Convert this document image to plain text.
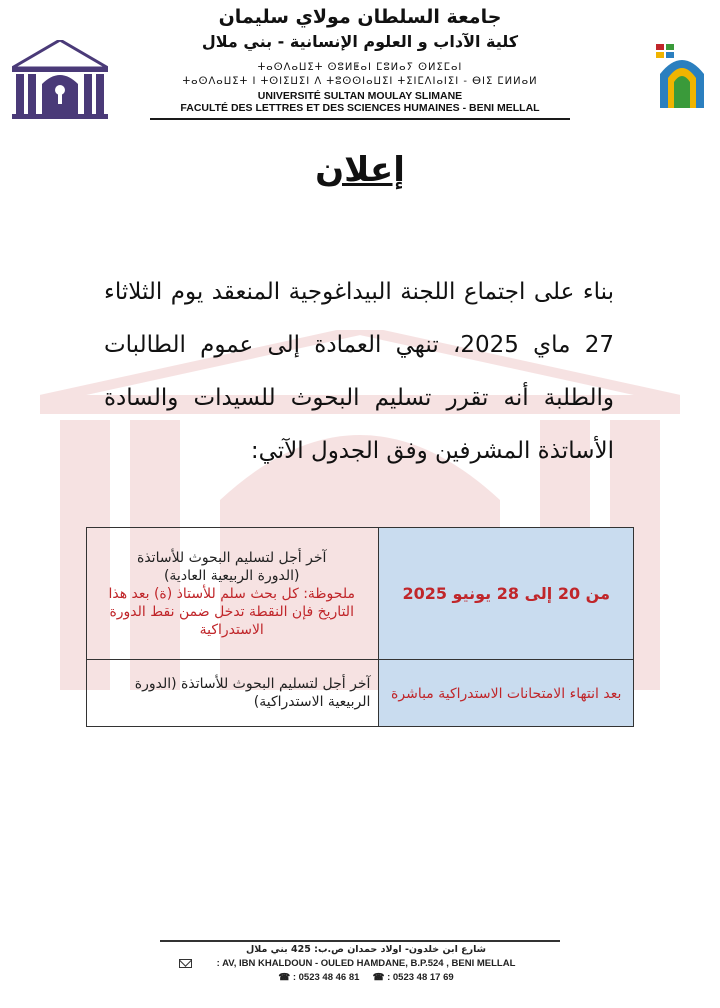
جامعة السلطان مولاي سليمان
كلية الآداب و العلوم الإنسانية - بني ملال
ⵜⴰⵙⴷⴰⵡⵉⵜ ⵙⵓⵍⵟⴰⵏ ⵎⵓⵍⴰⵢ ⵙⵍⵉⵎⴰⵏ
ⵜⴰⵙⴷⴰⵡⵉⵜ ⵏ ⵜⵙⵏⵉⵡⵉⵏ ⴷ ⵜⵓⵙⵙⵏⴰⵡⵉⵏ ⵜⵉⵏⵎⴷⵏⴰⵏⵉⵏ - ⴱⵏⵉ ⵎⵍⵍⴰⵍ
UNIVERSITÉ SULTAN MOULAY SLIMANE
FACULTÉ DES LETTRES ET DES SCIENCES HUMAINES - BENI MELLAL
إعلان
بناء على اجتماع اللجنة البيداغوجية المنعقد يوم الثلاثاء 27 ماي 2025، تنهي العمادة إلى عموم الطالبات والطلبة أنه تقرر تسليم البحوث للسيدات والسادة الأساتذة المشرفين وفق الجدول الآتي:
آخر أجل لتسليم البحوث للأساتذة
(الدورة الربيعية العادية)
ملحوظة: كل بحث سلم للأستاذ (ة) بعد هذا التاريخ فإن النقطة تدخل ضمن نقط الدورة الاستدراكية	من 20 إلى 28 يونيو 2025

آخر أجل لتسليم البحوث للأساتذة (الدورة الربيعية الاستدراكية)	بعد انتهاء الامتحانات الاستدراكية مباشرة
شارع ابن خلدون- اولاد حمدان ص.ب: 425 بني ملال
: AV, IBN KHALDOUN - OULED HAMDANE, B.P.524 , BENI MELLAL
☎ : 0523 48 46 81 ☎ : 0523 48 17 69
